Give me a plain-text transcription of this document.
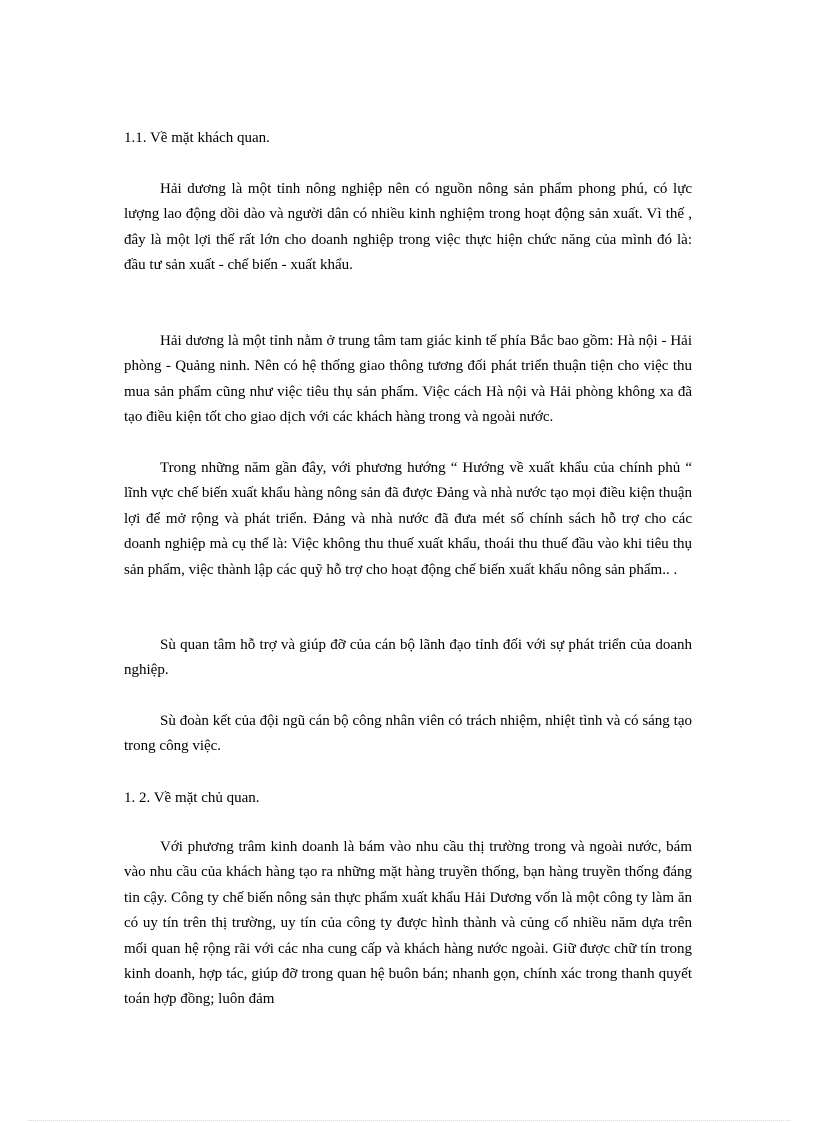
1.1. Về mặt khách quan.

Hải dương là một tỉnh nông nghiệp nên có nguồn nông sản phẩm phong phú, có lực lượng lao động dồi dào và người dân có nhiều kinh nghiệm trong hoạt động sản xuất. Vì thế , đây là một lợi thế rất lớn cho doanh nghiệp trong việc thực hiện chức năng của mình đó là: đầu tư sản xuất - chế biến - xuất khẩu.

Hải dương là một tỉnh nằm ở trung tâm tam giác kinh tế phía Bắc bao gồm: Hà nội - Hải phòng - Quảng ninh. Nên có hệ thống giao thông tương đối phát triển thuận tiện cho việc thu mua sản phẩm cũng như việc tiêu thụ sản phẩm. Việc cách Hà nội và Hải phòng không xa đã tạo điều kiện tốt cho giao dịch với các khách hàng trong và ngoài nước.

Trong những năm gần đây, với phương hướng “ Hướng về xuất khẩu của chính phủ “ lĩnh vực chế biến xuất khẩu hàng nông sản đã được Đảng và nhà nước tạo mọi điều kiện thuận lợi để mở rộng và phát triển. Đảng và nhà nước đã đưa mét số chính sách hỗ trợ cho các doanh nghiệp mà cụ thể là: Việc không thu thuế xuất khẩu, thoái thu thuế đầu vào khi tiêu thụ sản phẩm, việc thành lập các quỹ hỗ trợ cho hoạt động chế biến xuất khẩu nông sản phẩm.. .

Sù quan tâm hỗ trợ và giúp đỡ của cán bộ lãnh đạo tỉnh đối với sự phát triển của doanh nghiệp.

Sù đoàn kết của đội ngũ cán bộ công nhân viên có trách nhiệm, nhiệt tình và có sáng tạo trong công việc.

1. 2. Về mặt chủ quan.

Với phương trâm kinh doanh là bám vào nhu cầu thị trường trong và ngoài nước, bám vào nhu cầu của khách hàng tạo ra những mặt hàng truyền thống, bạn hàng truyền thống đáng tin cậy. Công ty chế biến nông sản thực phẩm xuất khẩu Hải Dương vốn là một công ty làm ăn có uy tín trên thị trường, uy tín của công ty được hình thành và củng cố nhiều năm dựa trên mối quan hệ rộng rãi với các nha cung cấp và khách hàng nước ngoài. Giữ được chữ tín trong kinh doanh, hợp tác, giúp đỡ trong quan hệ buôn bán; nhanh gọn, chính xác trong thanh quyết toán hợp đồng; luôn đảm
